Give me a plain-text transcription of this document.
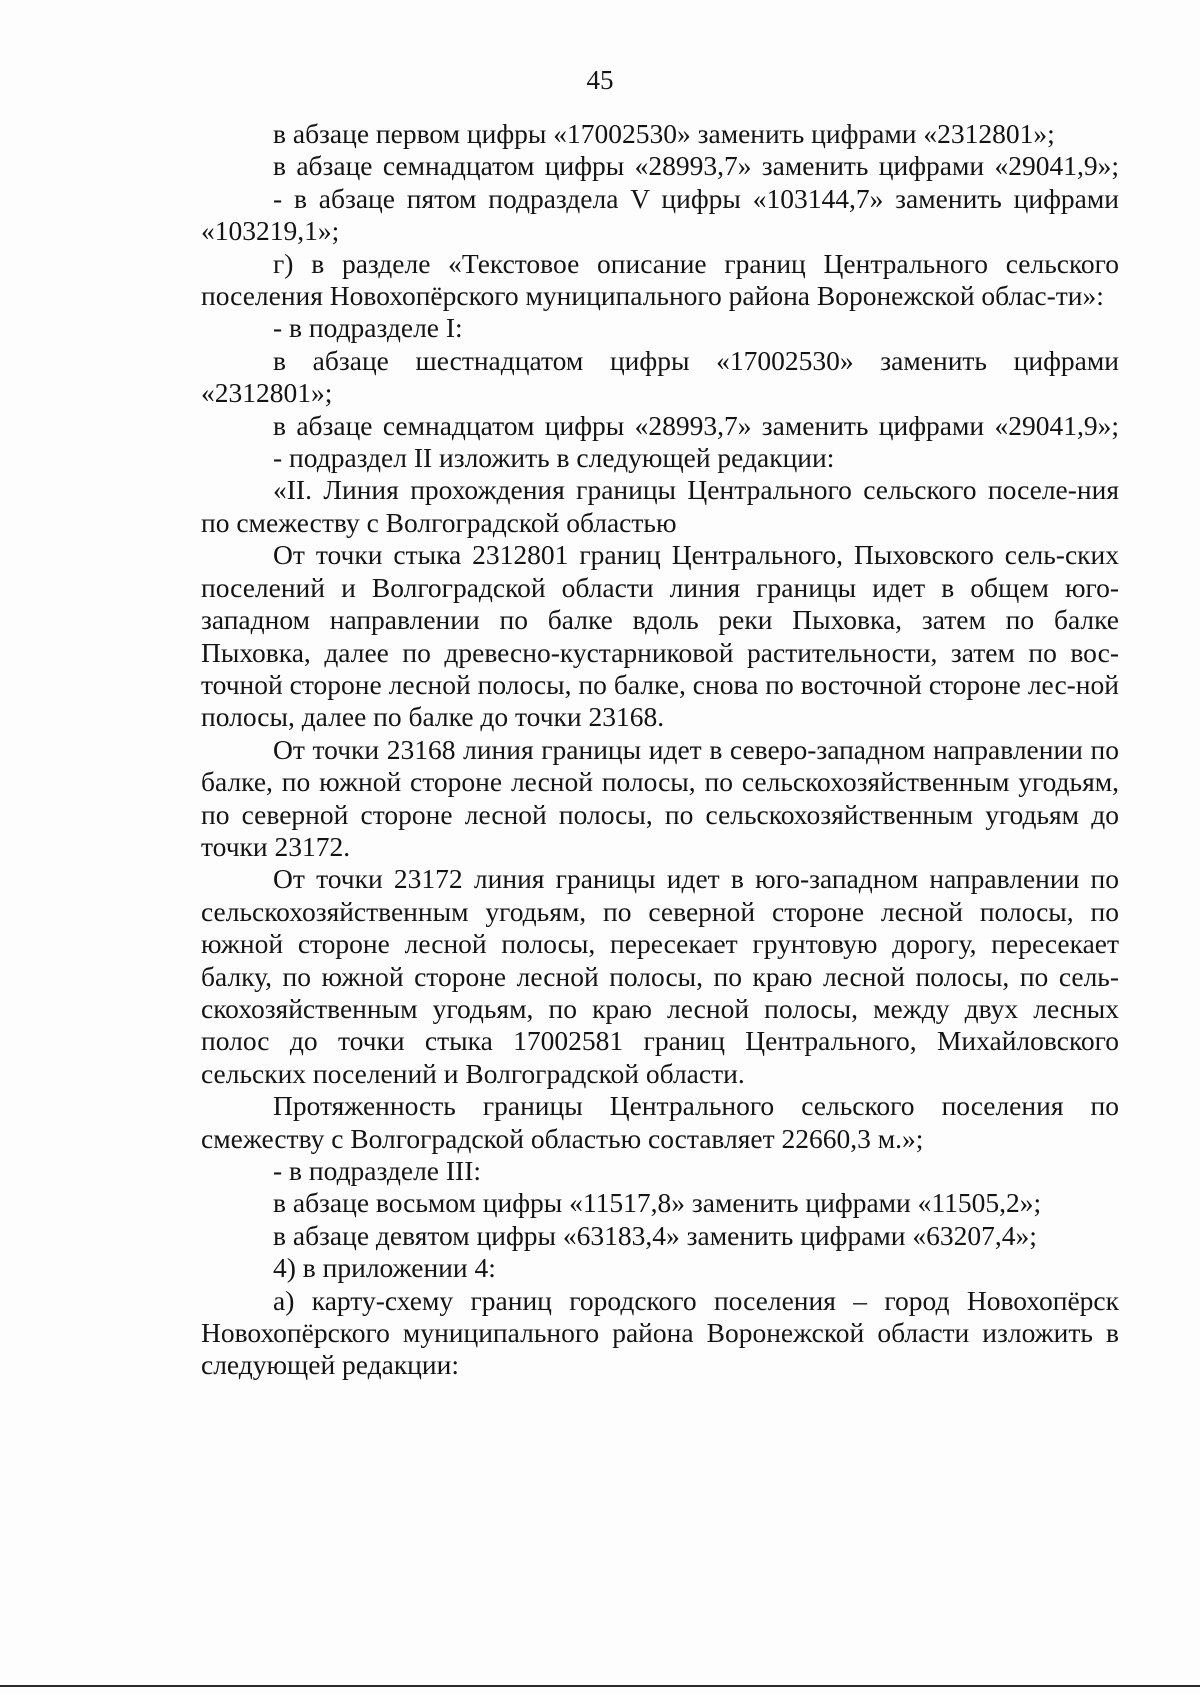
45

в абзаце первом цифры «17002530» заменить цифрами «2312801»;

в абзаце семнадцатом цифры «28993,7» заменить цифрами «29041,9»;

- в абзаце пятом подраздела V цифры «103144,7» заменить цифрами «103219,1»;

г) в разделе «Текстовое описание границ Центрального сельского поселения Новохопёрского муниципального района Воронежской облас-ти»:

- в подразделе I:

в абзаце шестнадцатом цифры «17002530» заменить цифрами «2312801»;

в абзаце семнадцатом цифры «28993,7» заменить цифрами «29041,9»;

- подраздел II изложить в следующей редакции:

«II. Линия прохождения границы Центрального сельского поселе-ния по смежеству с Волгоградской областью

От точки стыка 2312801 границ Центрального, Пыховского сель-ских поселений и Волгоградской области линия границы идет в общем юго-западном направлении по балке вдоль реки Пыховка, затем по балке Пыховка, далее по древесно-кустарниковой растительности, затем по вос-точной стороне лесной полосы, по балке, снова по восточной стороне лес-ной полосы, далее по балке до точки 23168.

От точки 23168 линия границы идет в северо-западном направлении по балке, по южной стороне лесной полосы, по сельскохозяйственным угодьям, по северной стороне лесной полосы, по сельскохозяйственным угодьям до точки 23172.

От точки 23172 линия границы идет в юго-западном направлении по сельскохозяйственным угодьям, по северной стороне лесной полосы, по южной стороне лесной полосы, пересекает грунтовую дорогу, пересекает балку, по южной стороне лесной полосы, по краю лесной полосы, по сель-скохозяйственным угодьям, по краю лесной полосы, между двух лесных полос до точки стыка 17002581 границ Центрального, Михайловского сельских поселений и Волгоградской области.

Протяженность границы Центрального сельского поселения по смежеству с Волгоградской областью составляет 22660,3 м.»;

- в подразделе III:

в абзаце восьмом цифры «11517,8» заменить цифрами «11505,2»;

в абзаце девятом цифры «63183,4» заменить цифрами «63207,4»;

4) в приложении 4:

а) карту-схему границ городского поселения – город Новохопёрск Новохопёрского муниципального района Воронежской области изложить в следующей редакции:
